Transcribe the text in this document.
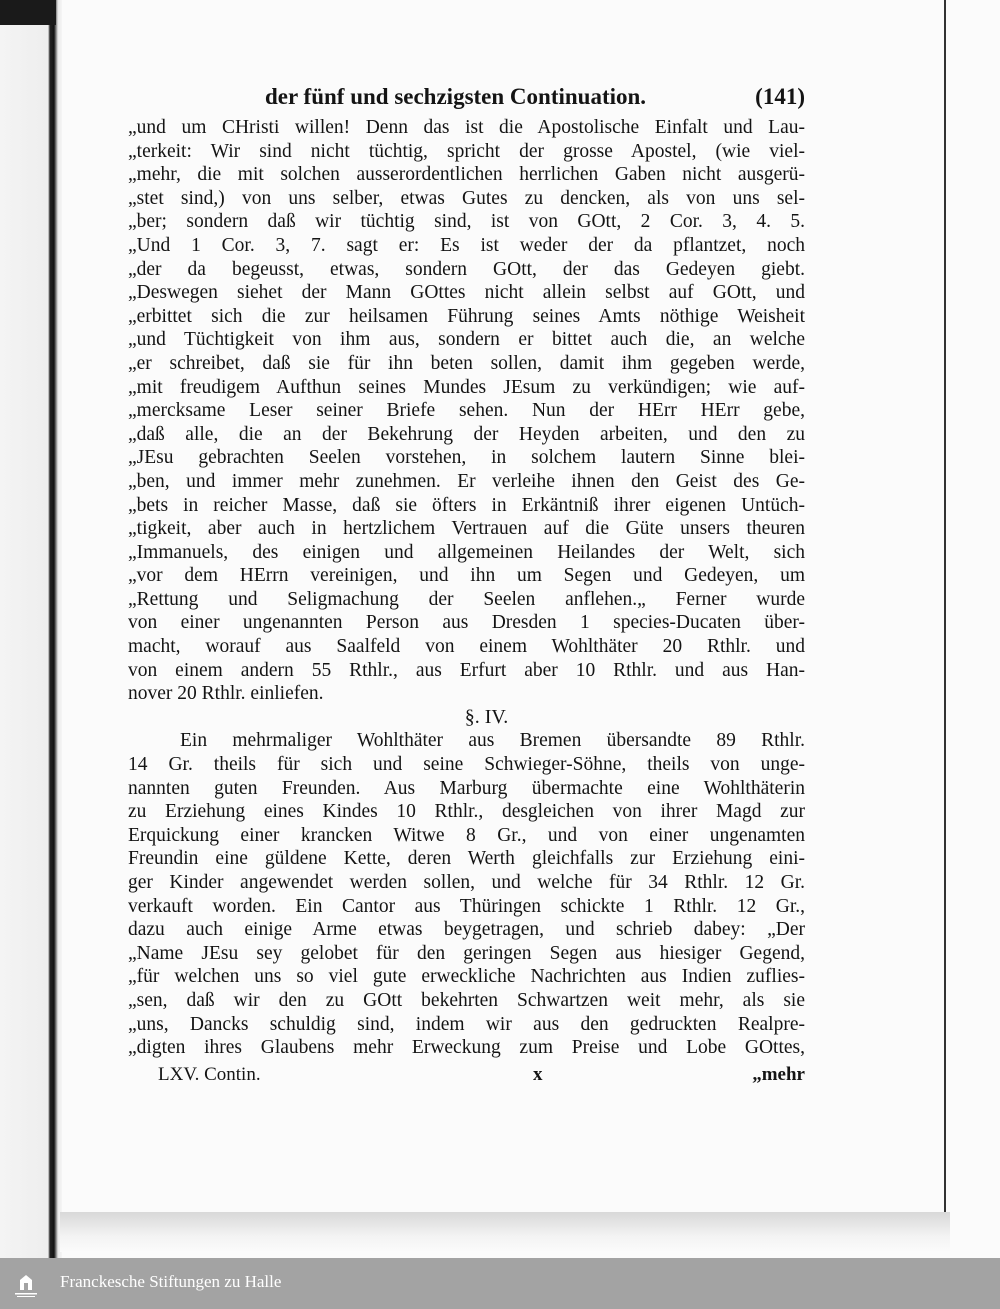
der fünf und sechzigsten Continuation.	(141)
„und um CHristi willen! Denn das ist die Apostolische Einfalt und Lau-
„terkeit: Wir sind nicht tüchtig, spricht der grosse Apostel, (wie viel-
„mehr, die mit solchen ausserordentlichen herrlichen Gaben nicht ausgerü-
„stet sind,) von uns selber, etwas Gutes zu dencken, als von uns sel-
„ber; sondern daß wir tüchtig sind, ist von GOtt, 2 Cor. 3, 4. 5.
„Und 1 Cor. 3, 7. sagt er: Es ist weder der da pflantzet, noch
„der da begeusst, etwas, sondern GOtt, der das Gedeyen giebt.
„Deswegen siehet der Mann GOttes nicht allein selbst auf GOtt, und
„erbittet sich die zur heilsamen Führung seines Amts nöthige Weisheit
„und Tüchtigkeit von ihm aus, sondern er bittet auch die, an welche
„er schreibet, daß sie für ihn beten sollen, damit ihm gegeben werde,
„mit freudigem Aufthun seines Mundes JEsum zu verkündigen; wie auf-
„mercksame Leser seiner Briefe sehen. Nun der HErr HErr gebe,
„daß alle, die an der Bekehrung der Heyden arbeiten, und den zu
„JEsu gebrachten Seelen vorstehen, in solchem lautern Sinne blei-
„ben, und immer mehr zunehmen. Er verleihe ihnen den Geist des Ge-
„bets in reicher Masse, daß sie öfters in Erkäntniß ihrer eigenen Untüch-
„tigkeit, aber auch in hertzlichem Vertrauen auf die Güte unsers theuren
„Immanuels, des einigen und allgemeinen Heilandes der Welt, sich
„vor dem HErrn vereinigen, und ihn um Segen und Gedeyen, um
„Rettung und Seligmachung der Seelen anflehen.„ Ferner wurde
von einer ungenannten Person aus Dresden 1 species-Ducaten über-
macht, worauf aus Saalfeld von einem Wohlthäter 20 Rthlr. und
von einem andern 55 Rthlr., aus Erfurt aber 10 Rthlr. und aus Han-
nover 20 Rthlr. einliefen.
§. IV.
Ein mehrmaliger Wohlthäter aus Bremen übersandte 89 Rthlr.
14 Gr. theils für sich und seine Schwieger-Söhne, theils von unge-
nannten guten Freunden. Aus Marburg übermachte eine Wohlthäterin
zu Erziehung eines Kindes 10 Rthlr., desgleichen von ihrer Magd zur
Erquickung einer krancken Witwe 8 Gr., und von einer ungenamten
Freundin eine güldene Kette, deren Werth gleichfalls zur Erziehung eini-
ger Kinder angewendet werden sollen, und welche für 34 Rthlr. 12 Gr.
verkauft worden. Ein Cantor aus Thüringen schickte 1 Rthlr. 12 Gr.,
dazu auch einige Arme etwas beygetragen, und schrieb dabey: „Der
„Name JEsu sey gelobet für den geringen Segen aus hiesiger Gegend,
„für welchen uns so viel gute erweckliche Nachrichten aus Indien zuflies-
„sen, daß wir den zu GOtt bekehrten Schwartzen weit mehr, als sie
„uns, Dancks schuldig sind, indem wir aus den gedruckten Realpre-
„digten ihres Glaubens mehr Erweckung zum Preise und Lobe GOttes,
LXV. Contin.	x	„mehr
Franckesche Stiftungen zu Halle
